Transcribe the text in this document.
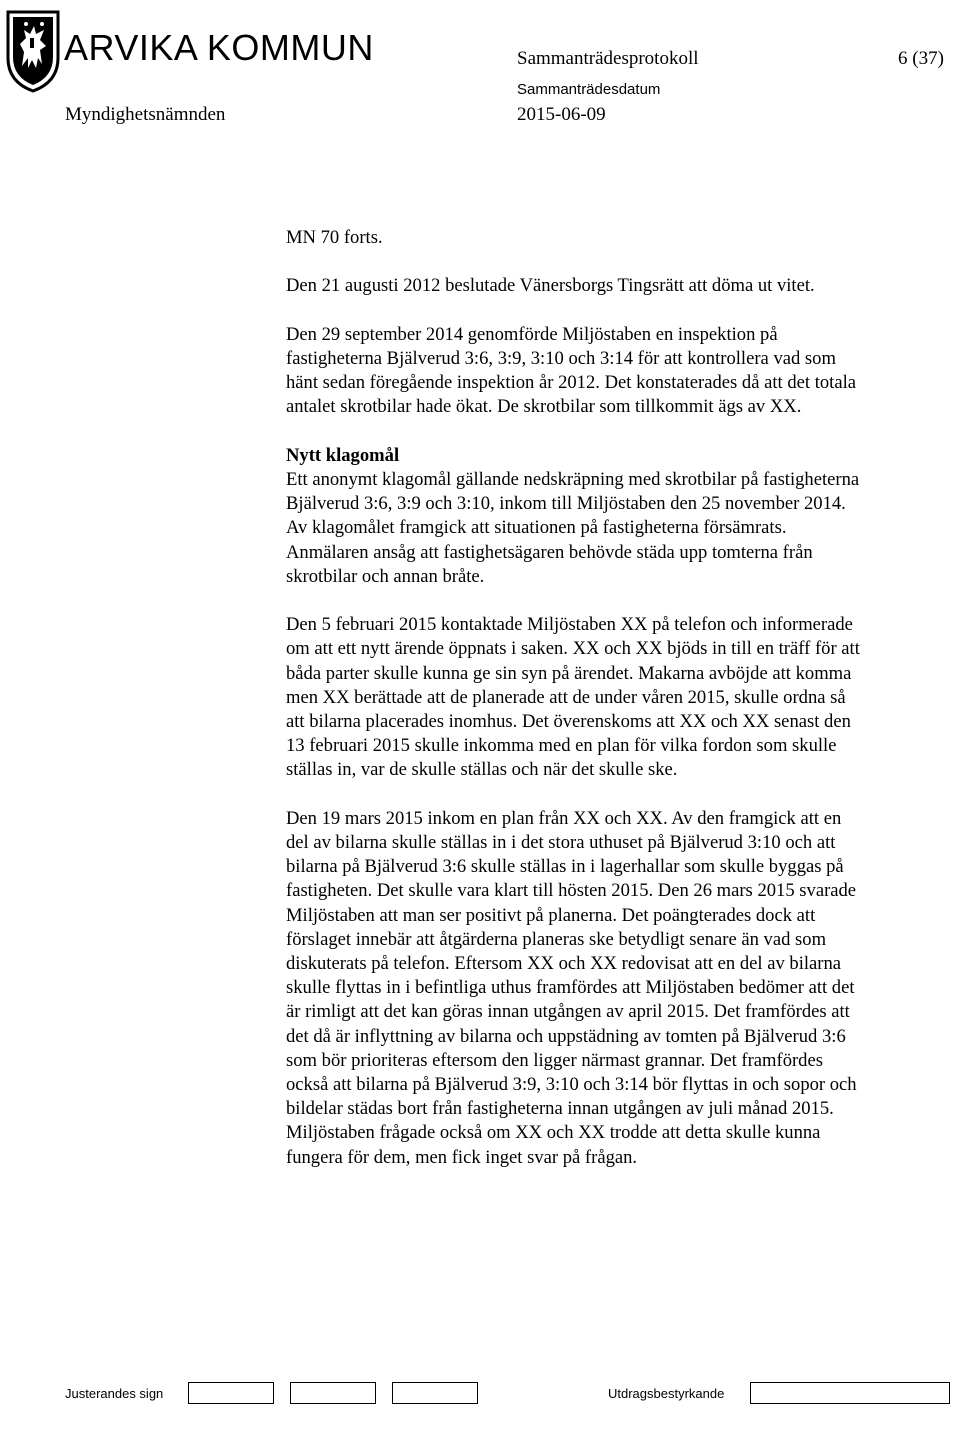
ARVIKA KOMMUN	Sammanträdesprotokoll	6 (37)
Sammanträdesdatum
Myndighetsnämnden	2015-06-09

MN 70 forts.

Den 21 augusti 2012 beslutade Vänersborgs Tingsrätt att döma ut vitet.

Den 29 september 2014 genomförde Miljöstaben en inspektion på

fastigheterna Bjälverud 3:6, 3:9, 3:10 och 3:14 för att kontrollera vad som

hänt sedan föregående inspektion år 2012. Det konstaterades då att det totala

antalet skrotbilar hade ökat. De skrotbilar som tillkommit ägs av XX.

Nytt klagomål

Ett anonymt klagomål gällande nedskräpning med skrotbilar på fastigheterna

Bjälverud 3:6, 3:9 och 3:10, inkom till Miljöstaben den 25 november 2014.

Av klagomålet framgick att situationen på fastigheterna försämrats.

Anmälaren ansåg att fastighetsägaren behövde städa upp tomterna från

skrotbilar och annan bråte.

Den 5 februari 2015 kontaktade Miljöstaben XX på telefon och informerade

om att ett nytt ärende öppnats i saken. XX och XX bjöds in till en träff för att

båda parter skulle kunna ge sin syn på ärendet. Makarna avböjde att komma

men XX berättade att de planerade att de under våren 2015, skulle ordna så

att bilarna placerades inomhus. Det överenskoms att XX och XX senast den

13 februari 2015 skulle inkomma med en plan för vilka fordon som skulle

ställas in, var de skulle ställas och när det skulle ske.

Den 19 mars 2015 inkom en plan från XX och XX. Av den framgick att en

del av bilarna skulle ställas in i det stora uthuset på Bjälverud 3:10 och att

bilarna på Bjälverud 3:6 skulle ställas in i lagerhallar som skulle byggas på

fastigheten. Det skulle vara klart till hösten 2015. Den 26 mars 2015 svarade

Miljöstaben att man ser positivt på planerna. Det poängterades dock att

förslaget innebär att åtgärderna planeras ske betydligt senare än vad som

diskuterats på telefon. Eftersom XX och XX redovisat att en del av bilarna

skulle flyttas in i befintliga uthus framfördes att Miljöstaben bedömer att det

är rimligt att det kan göras innan utgången av april 2015. Det framfördes att

det då är inflyttning av bilarna och uppstädning av tomten på Bjälverud 3:6

som bör prioriteras eftersom den ligger närmast grannar. Det framfördes

också att bilarna på Bjälverud 3:9, 3:10 och 3:14 bör flyttas in och sopor och

bildelar städas bort från fastigheterna innan utgången av juli månad 2015.

Miljöstaben frågade också om XX och XX trodde att detta skulle kunna

fungera för dem, men fick inget svar på frågan.

Justerandes sign	Utdragsbestyrkande
